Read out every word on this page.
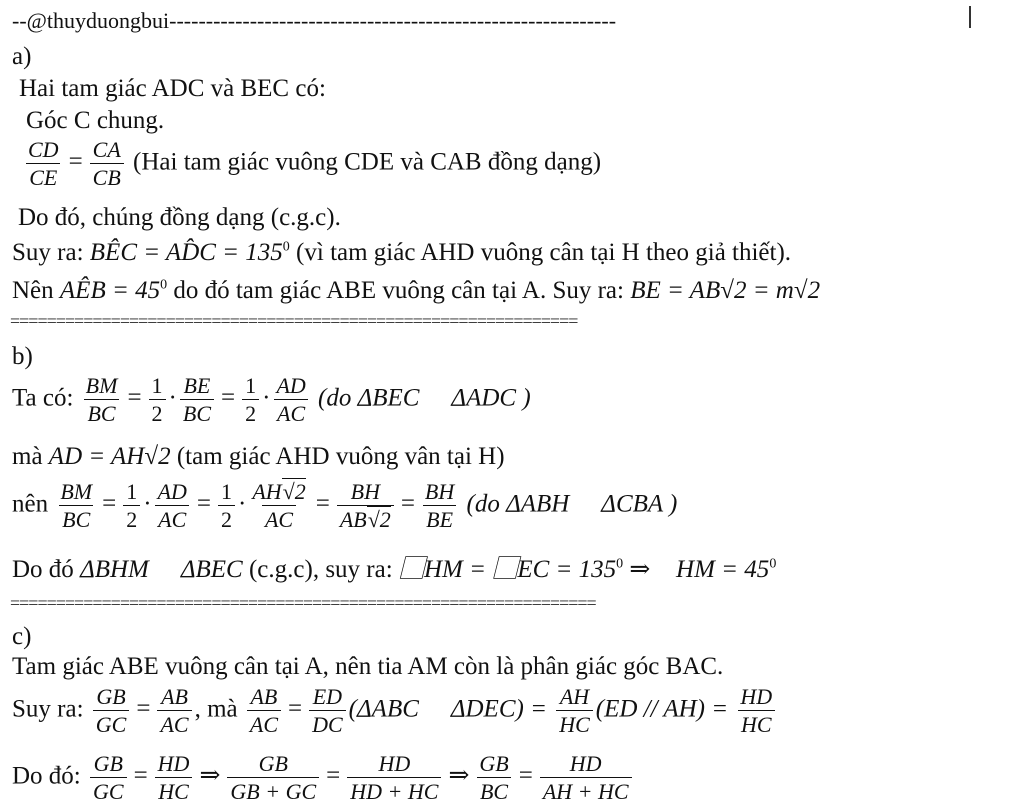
--@thuyduongbui-------------------------------------------------------------
a)
Hai tam giác ADC và BEC có:
Góc C chung.
$\frac{CD}{CE} = \frac{CA}{CB} (Hai$ tam giác vuông CDE và CAB đồng dạng)
Do đó, chúng đồng dạng (c.g.c).
Suy ra: BÊC = AD̂C = $135^0$ (vì tam giác AHD vuông cân tại H theo giả thiết).
Nên AÊB = $45^0$ do đó tam giác ABE vuông cân tại A. Suy ra: BE = AB√2 = m√2
==============================================================
b)
Ta có: $\frac{BM}{BC} = \frac{1}{2} \cdot \frac{BE}{BC} = \frac{1}{2} \cdot \frac{AD}{AC} (do$ ΔBEC ⃞ ΔADC )
mà AD = AH√2 (tam giác AHD vuông vân tại H)
nên $\frac{BM}{BC} = \frac{1}{2} \cdot \frac{AD}{AC} = \frac{1}{2} \cdot \frac{AH√2}{AC} = \frac{BH}{AB√2} = \frac{BH}{BE} (do$ ΔABH ⃞ ΔCBA )
Do đó ΔBHM ⃞ ΔBEC (c.g.c), suy ra: ⃞HM = ⃞EC = $135^0$ ⇒ ⃞HM = $45^0$
================================================================
c)
Tam giác ABE vuông cân tại A, nên tia AM còn là phân giác góc BAC.
Suy ra: $\frac{GB}{GC} = \frac{AB}{AC}$ , mà $\frac{AB}{AC} = \frac{ED}{DC} (\Delta ABC$ ⃞ $\Delta DEC) = \frac{AH}{HC} (ED // AH) = \frac{HD}{HC}$
Do đó: $\frac{GB}{GC} = \frac{HD}{HC}$ ⇒ $\frac{GB}{GB + GC} = \frac{HD}{HD + HC}$ ⇒ $\frac{GB}{BC} = \frac{HD}{AH + HC}$
